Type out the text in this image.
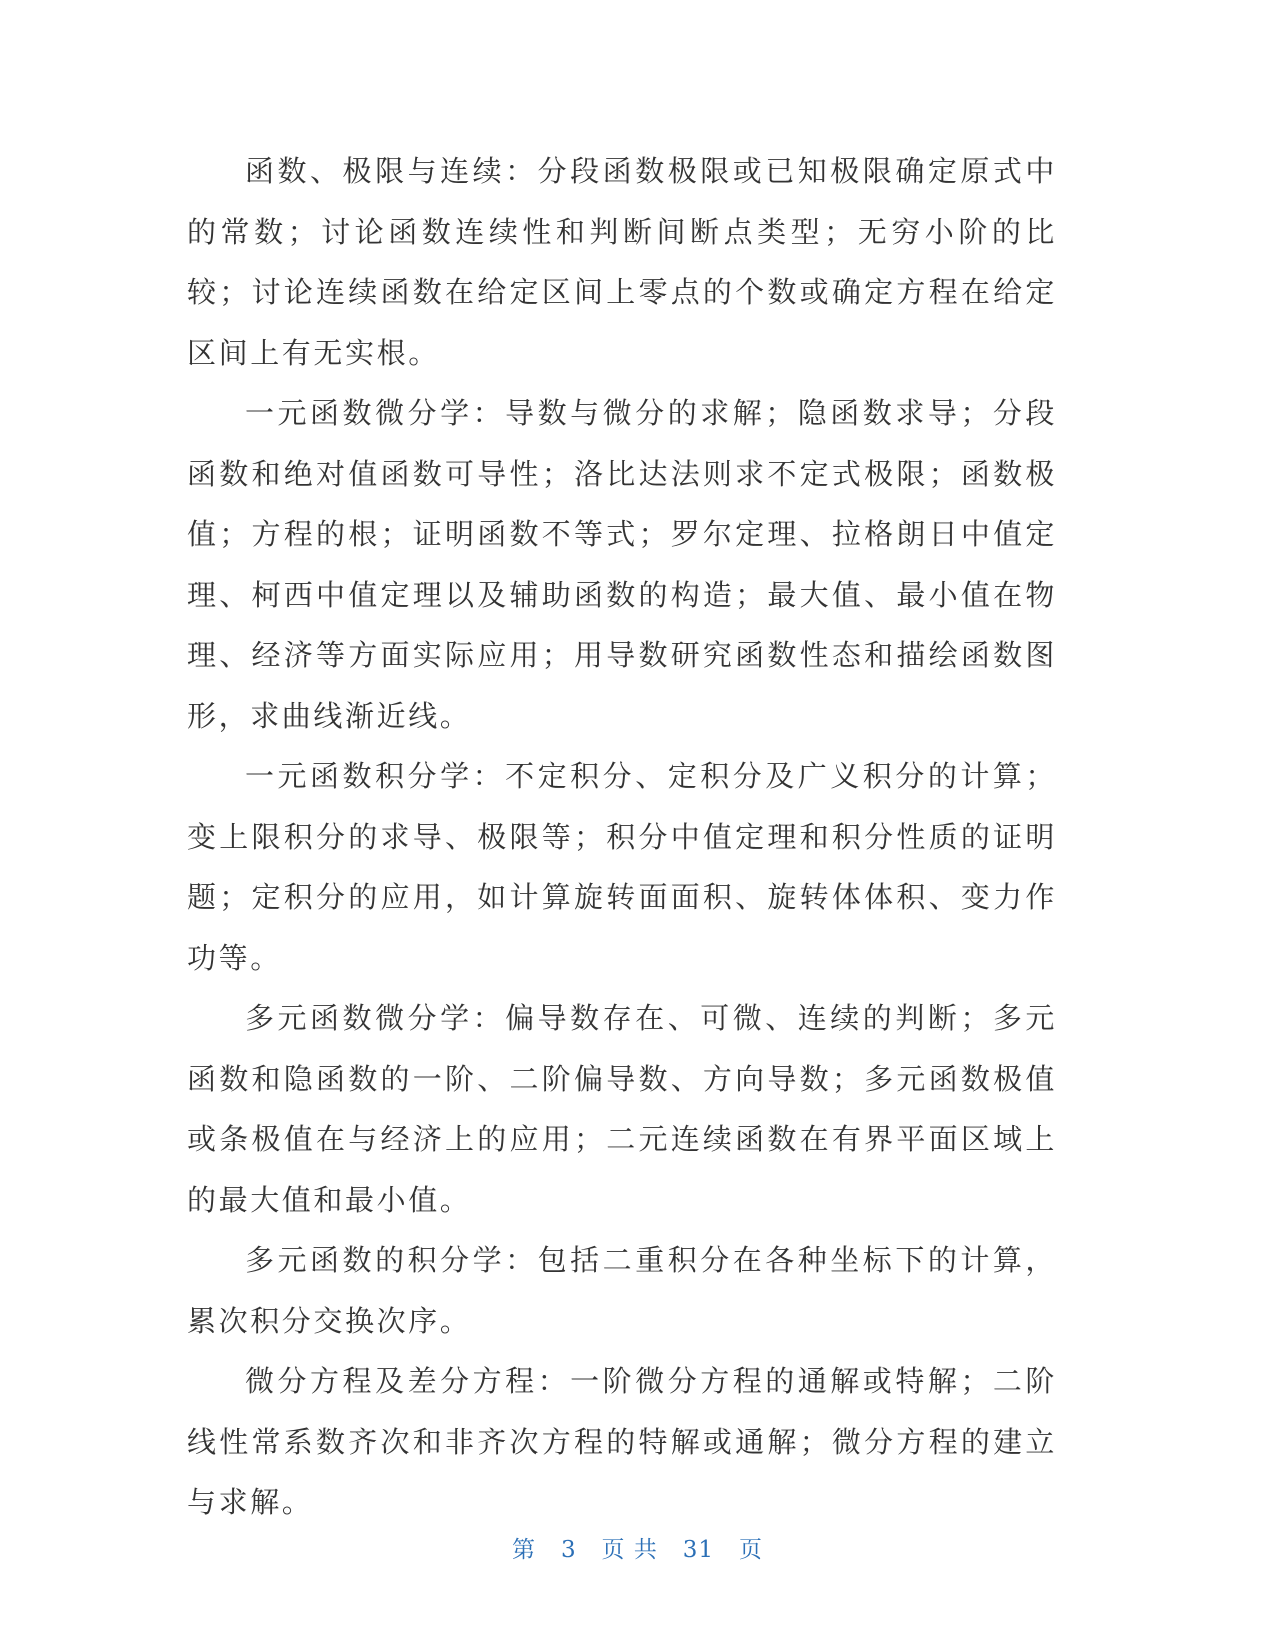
函数、极限与连续：分段函数极限或已知极限确定原式中的常数；讨论函数连续性和判断间断点类型；无穷小阶的比较；讨论连续函数在给定区间上零点的个数或确定方程在给定区间上有无实根。

一元函数微分学：导数与微分的求解；隐函数求导；分段函数和绝对值函数可导性；洛比达法则求不定式极限；函数极值；方程的根；证明函数不等式；罗尔定理、拉格朗日中值定理、柯西中值定理以及辅助函数的构造；最大值、最小值在物理、经济等方面实际应用；用导数研究函数性态和描绘函数图形，求曲线渐近线。

一元函数积分学：不定积分、定积分及广义积分的计算；变上限积分的求导、极限等；积分中值定理和积分性质的证明题；定积分的应用，如计算旋转面面积、旋转体体积、变力作功等。

多元函数微分学：偏导数存在、可微、连续的判断；多元函数和隐函数的一阶、二阶偏导数、方向导数；多元函数极值或条极值在与经济上的应用；二元连续函数在有界平面区域上的最大值和最小值。

多元函数的积分学：包括二重积分在各种坐标下的计算，累次积分交换次序。

微分方程及差分方程：一阶微分方程的通解或特解；二阶线性常系数齐次和非齐次方程的特解或通解；微分方程的建立与求解。

第 3 页 共 31 页
